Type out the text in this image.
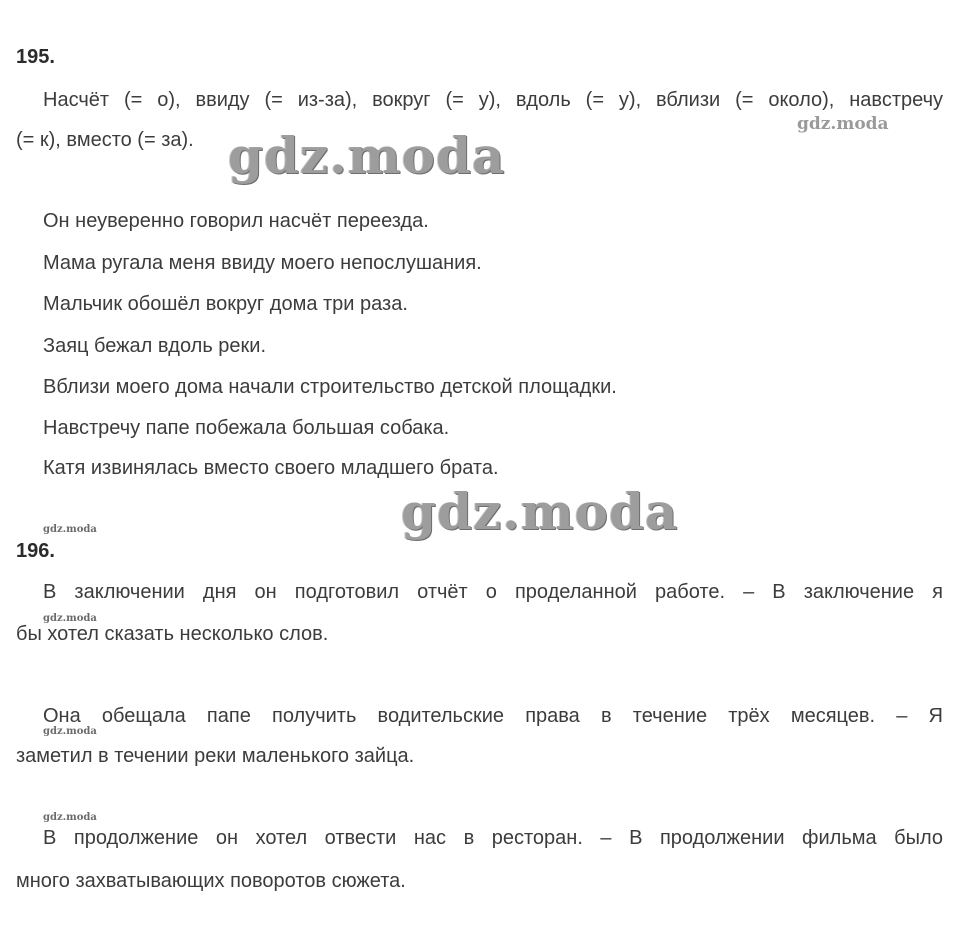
195.
Насчёт (= о), ввиду (= из-за), вокруг (= у), вдоль (= у), вблизи (= около), навстречу
(= к), вместо (= за).
gdz.moda
gdz.moda
Он неуверенно говорил насчёт переезда.
Мама ругала меня ввиду моего непослушания.
Мальчик обошёл вокруг дома три раза.
Заяц бежал вдоль реки.
Вблизи моего дома начали строительство детской площадки.
Навстречу папе побежала большая собака.
Катя извинялась вместо своего младшего брата.
gdz.moda
gdz.moda
196.
В заключении дня он подготовил отчёт о проделанной работе. – В заключение я
gdz.moda
бы хотел сказать несколько слов.
Она обещала папе получить водительские права в течение трёх месяцев. – Я
gdz.moda
заметил в течении реки маленького зайца.
gdz.moda
В продолжение он хотел отвести нас в ресторан. – В продолжении фильма было
много захватывающих поворотов сюжета.
